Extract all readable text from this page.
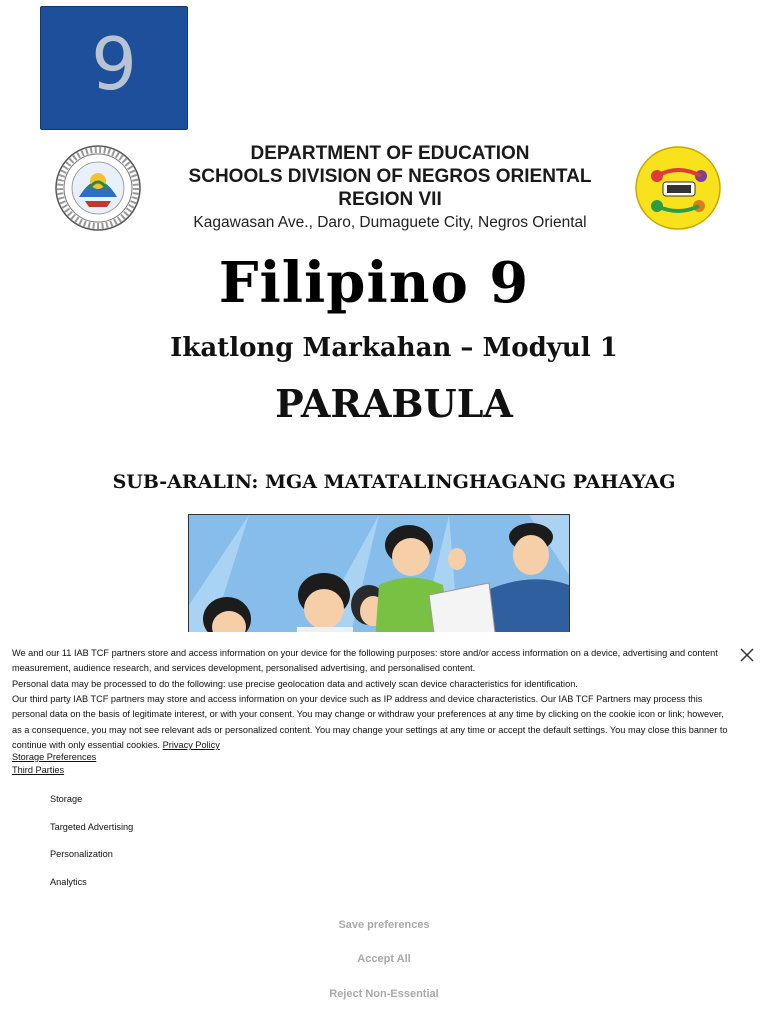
9
DEPARTMENT OF EDUCATION
SCHOOLS DIVISION OF NEGROS ORIENTAL
REGION VII
Kagawasan Ave., Daro, Dumaguete City, Negros Oriental
Filipino 9
Ikatlong Markahan – Modyul 1
PARABULA
SUB-ARALIN: MGA MATATALINGHAGANG PAHAYAG
We and our 11 IAB TCF partners store and access information on your device for the following purposes: store and/or access information on a device, advertising and content measurement, audience research, and services development, personalised advertising, and personalised content.
Personal data may be processed to do the following: use precise geolocation data and actively scan device characteristics for identification.
Our third party IAB TCF partners may store and access information on your device such as IP address and device characteristics. Our IAB TCF Partners may process this personal data on the basis of legitimate interest, or with your consent. You may change or withdraw your preferences at any time by clicking on the cookie icon or link; however, as a consequence, you may not see relevant ads or personalized content. You may change your settings at any time or accept the default settings. You may close this banner to continue with only essential cookies. Privacy Policy
Storage Preferences
Third Parties
Storage
Targeted Advertising
Personalization
Analytics
Save preferences
Accept All
Reject Non-Essential
